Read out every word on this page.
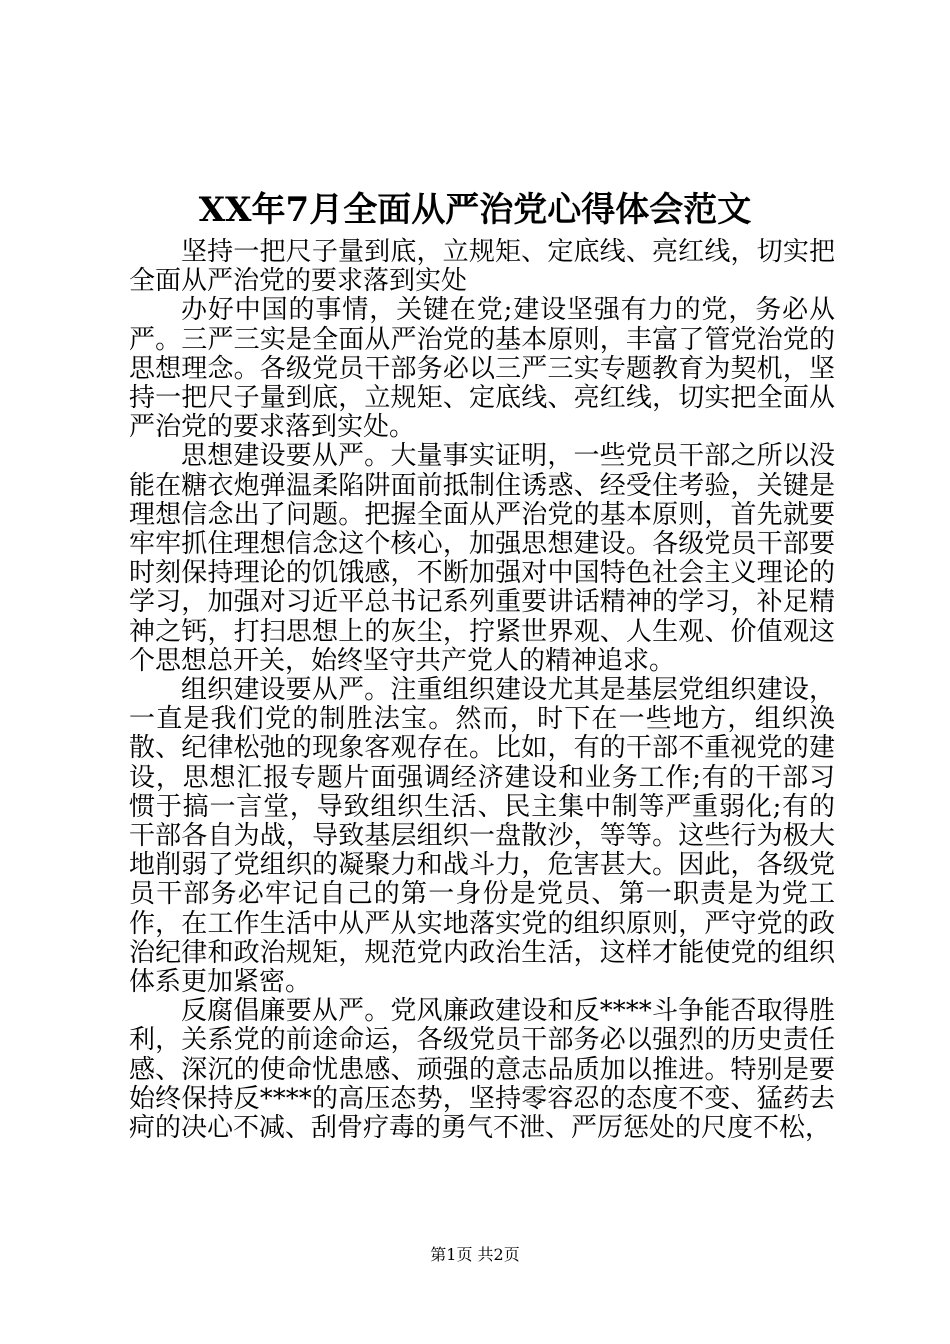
XX年7月全面从严治党心得体会范文

坚持一把尺子量到底，立规矩、定底线、亮红线，切实把全面从严治党的要求落到实处

办好中国的事情，关键在党;建设坚强有力的党，务必从严。三严三实是全面从严治党的基本原则，丰富了管党治党的思想理念。各级党员干部务必以三严三实专题教育为契机，坚持一把尺子量到底，立规矩、定底线、亮红线，切实把全面从严治党的要求落到实处。

思想建设要从严。大量事实证明，一些党员干部之所以没能在糖衣炮弹温柔陷阱面前抵制住诱惑、经受住考验，关键是理想信念出了问题。把握全面从严治党的基本原则，首先就要牢牢抓住理想信念这个核心，加强思想建设。各级党员干部要时刻保持理论的饥饿感，不断加强对中国特色社会主义理论的学习，加强对习近平总书记系列重要讲话精神的学习，补足精神之钙，打扫思想上的灰尘，拧紧世界观、人生观、价值观这个思想总开关，始终坚守共产党人的精神追求。

组织建设要从严。注重组织建设尤其是基层党组织建设，一直是我们党的制胜法宝。然而，时下在一些地方，组织涣散、纪律松弛的现象客观存在。比如，有的干部不重视党的建设，思想汇报专题片面强调经济建设和业务工作;有的干部习惯于搞一言堂，导致组织生活、民主集中制等严重弱化;有的干部各自为战，导致基层组织一盘散沙，等等。这些行为极大地削弱了党组织的凝聚力和战斗力，危害甚大。因此，各级党员干部务必牢记自己的第一身份是党员、第一职责是为党工作，在工作生活中从严从实地落实党的组织原则，严守党的政治纪律和政治规矩，规范党内政治生活，这样才能使党的组织体系更加紧密。

反腐倡廉要从严。党风廉政建设和反****斗争能否取得胜利，关系党的前途命运，各级党员干部务必以强烈的历史责任感、深沉的使命忧患感、顽强的意志品质加以推进。特别是要始终保持反****的高压态势，坚持零容忍的态度不变、猛药去疴的决心不减、刮骨疗毒的勇气不泄、严厉惩处的尺度不松，

第1页 共2页
